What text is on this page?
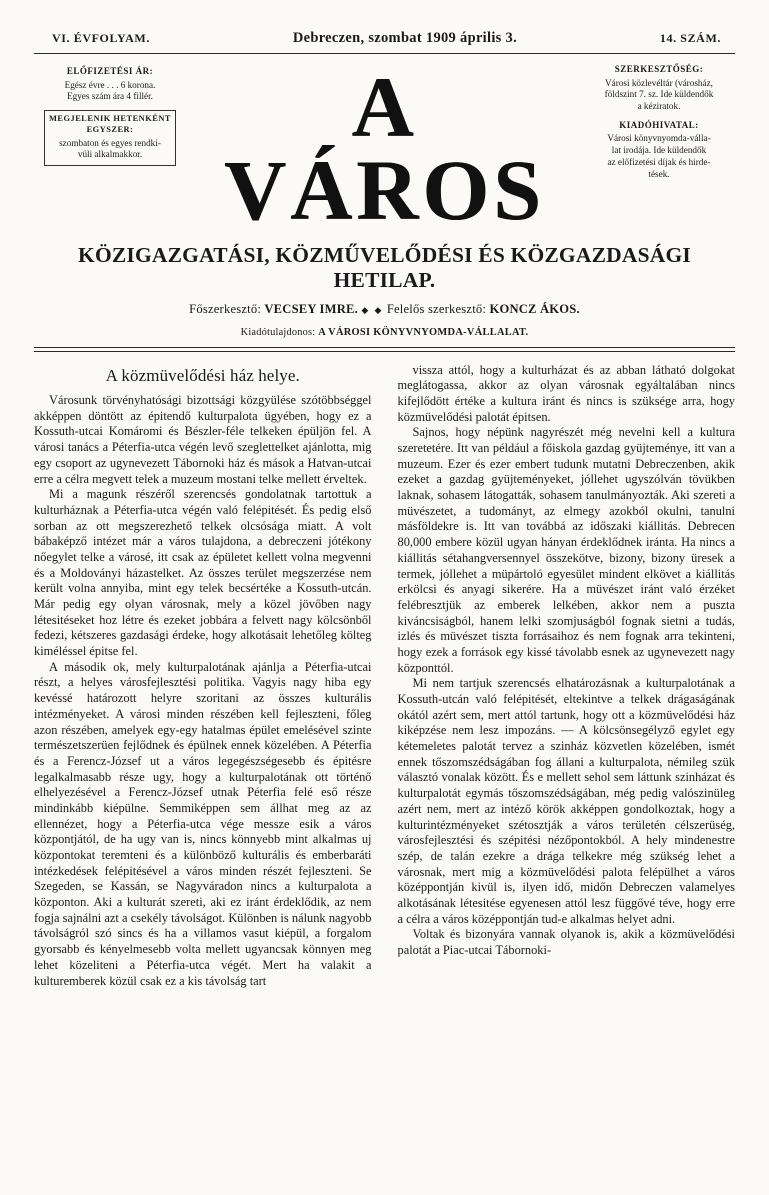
VI. ÉVFOLYAM.	Debreczen, szombat 1909 április 3.	14. SZÁM.
ELŐFIZETÉSI ÁR:
Egész évre . . . 6 korona.
Egyes szám ára 4 fillér.
MEGJELENIK HETENKÉNT EGYSZER:
szombaton és egyes rendki-
vüli alkalmakkor.	A VÁROS
SZERKESZTŐSÉG:
Városi közlevéltár (városház,
földszint 7. sz. Ide küldendők
a kéziratok.
KIADÓHIVATAL:
Városi könyvnyomda-válla-
lat irodája. Ide küldendők
az előfizetési díjak és hirde-
tések.
KÖZIGAZGATÁSI, KÖZMŰVELŐDÉSI ÉS KÖZGAZDASÁGI HETILAP.
Főszerkesztő: VECSEY IMRE. ◆ ◆ Felelős szerkesztő: KONCZ ÁKOS.
Kiadótulajdonos: A VÁROSI KÖNYVNYOMDA-VÁLLALAT.
A közmüvelődési ház helye.

Városunk törvényhatósági bizottsági közgyülése szótöbbséggel akképpen döntött az épitendő kulturpalota ügyében, hogy ez a Kossuth-utcai Komáromi és Bészler-féle telkeken épüljön fel. A városi tanács a Péterfia-utca végén levő szeglettelket ajánlotta, mig egy csoport az ugynevezett Tábornoki ház és mások a Hatvan-utcai erre a célra megvett telek a muzeum mostani telke mellett érveltek.

Mi a magunk részéről szerencsés gondolatnak tartottuk a kulturháznak a Péterfia-utca végén való felépitését. És pedig első sorban az ott megszerezhető telkek olcsósága miatt. A volt bábaképző intézet már a város tulajdona, a debreczeni jótékony nőegylet telke a városé, itt csak az épületet kellett volna megvenni és a Moldoványi házastelket. Az összes terület megszerzése nem került volna annyiba, mint egy telek becsértéke a Kossuth-utcán. Már pedig egy olyan városnak, mely a közel jövőben nagy létesitéseket hoz létre és ezeket jobbára a felvett nagy kölcsönből fedezi, kétszeres gazdasági érdeke, hogy alkotásait lehetőleg költeg kiméléssel épitse fel.

A második ok, mely kulturpalotának ajánlja a Péterfia-utcai részt, a helyes városfejlesztési politika. Vagyis nagy hiba egy kevéssé határozott helyre szoritani az összes kulturális intézményeket. A városi minden részében kell fejleszteni, főleg azon részében, amelyek egy-egy hatalmas épület emelésével szinte természetszerüen fejlődnek és épülnek ennek közelében. A Péterfia és a Ferencz-József ut a város legegészségesebb és épitésre legalkalmasabb része ugy, hogy a kulturpalotának ott történő elhelyezésével a Ferencz-József utnak Péterfia felé eső része mindinkább kiépülne. Semmiképpen sem állhat meg az az ellennézet, hogy a Péterfia-utca vége messze esik a város központjától, de ha ugy van is, nincs könnyebb mint alkalmas uj központokat teremteni és a különböző kulturális és emberbaráti intézkedések felépitésével a város minden részét fejleszteni. Se Szegeden, se Kassán, se Nagyváradon nincs a kulturpalota a központon. Aki a kulturát szereti, aki ez iránt érdeklődik, az nem fogja sajnálni azt a csekély távolságot. Különben is nálunk nagyobb távolságról szó sincs és ha a villamos vasut kiépül, a forgalom gyorsabb és kényelmesebb volta mellett ugyancsak könnyen meg lehet közeliteni a Péterfia-utca végét. Mert ha valakit a kulturemberek közül csak ez a kis távolság tart

vissza attól, hogy a kulturházat és az abban látható dolgokat meglátogassa, akkor az olyan városnak egyáltalában nincs kifejlődött értéke a kultura iránt és nincs is szüksége arra, hogy közmüvelődési palotát épitsen.

Sajnos, hogy népünk nagyrészét még nevelni kell a kultura szeretetére. Itt van például a főiskola gazdag gyüjteménye, itt van a muzeum. Ezer és ezer embert tudunk mutatni Debreczenben, akik ezeket a gazdag gyüjteményeket, jóllehet ugyszólván tövükben laknak, sohasem látogatták, sohasem tanulmányozták. Aki szereti a müvészetet, a tudományt, az elmegy azokból okulni, tanulni másföldekre is. Itt van továbbá az időszaki kiállitás. Debrecen 80,000 embere közül ugyan hányan érdeklődnek iránta. Ha nincs a kiállitás sétahangversennyel összekötve, bizony, bizony üresek a termek, jóllehet a müpártoló egyesület mindent elkövet a kiállitás erkölcsi és anyagi sikerére. Ha a müvészet iránt való érzéket felébresztjük az emberek lelkében, akkor nem a puszta kiváncsiságból, hanem lelki szomjuságból fognak sietni a tudás, izlés és müvészet tiszta forrásaihoz és nem fognak arra tekinteni, hogy ezek a források egy kissé távolabb esnek az ugynevezett nagy központtól.

Mi nem tartjuk szerencsés elhatározásnak a kulturpalotának a Kossuth-utcán való felépitését, eltekintve a telkek drágaságának okától azért sem, mert attól tartunk, hogy ott a közmüvelődési ház kiképzése nem lesz impozáns. — A kölcsönsegélyző egylet egy kétemeletes palotát tervez a szinház közvetlen közelében, ismét ennek tőszomszédságában fog állani a kulturpalota, némileg szük választó vonalak között. És e mellett sehol sem láttunk szinházat és kulturpalotát egymás tőszomszédságában, még pedig valószinüleg azért nem, mert az intéző körök akképpen gondolkoztak, hogy a kulturintézményeket szétosztják a város területén célszerüség, városfejlesztési és szépitési nézőpontokból. A hely mindenestre szép, de talán ezekre a drága telkekre még szükség lehet a városnak, mert mig a közmüvelődési palota felépülhet a város középpontján kivül is, ilyen idő, midőn Debreczen valamelyes alkotásának létesitése egyenesen attól lesz függővé téve, hogy erre a célra a város középpontján tud-e alkalmas helyet adni.

Voltak és bizonyára vannak olyanok is, akik a közmüvelődési palotát a Piac-utcai Tábornoki-
